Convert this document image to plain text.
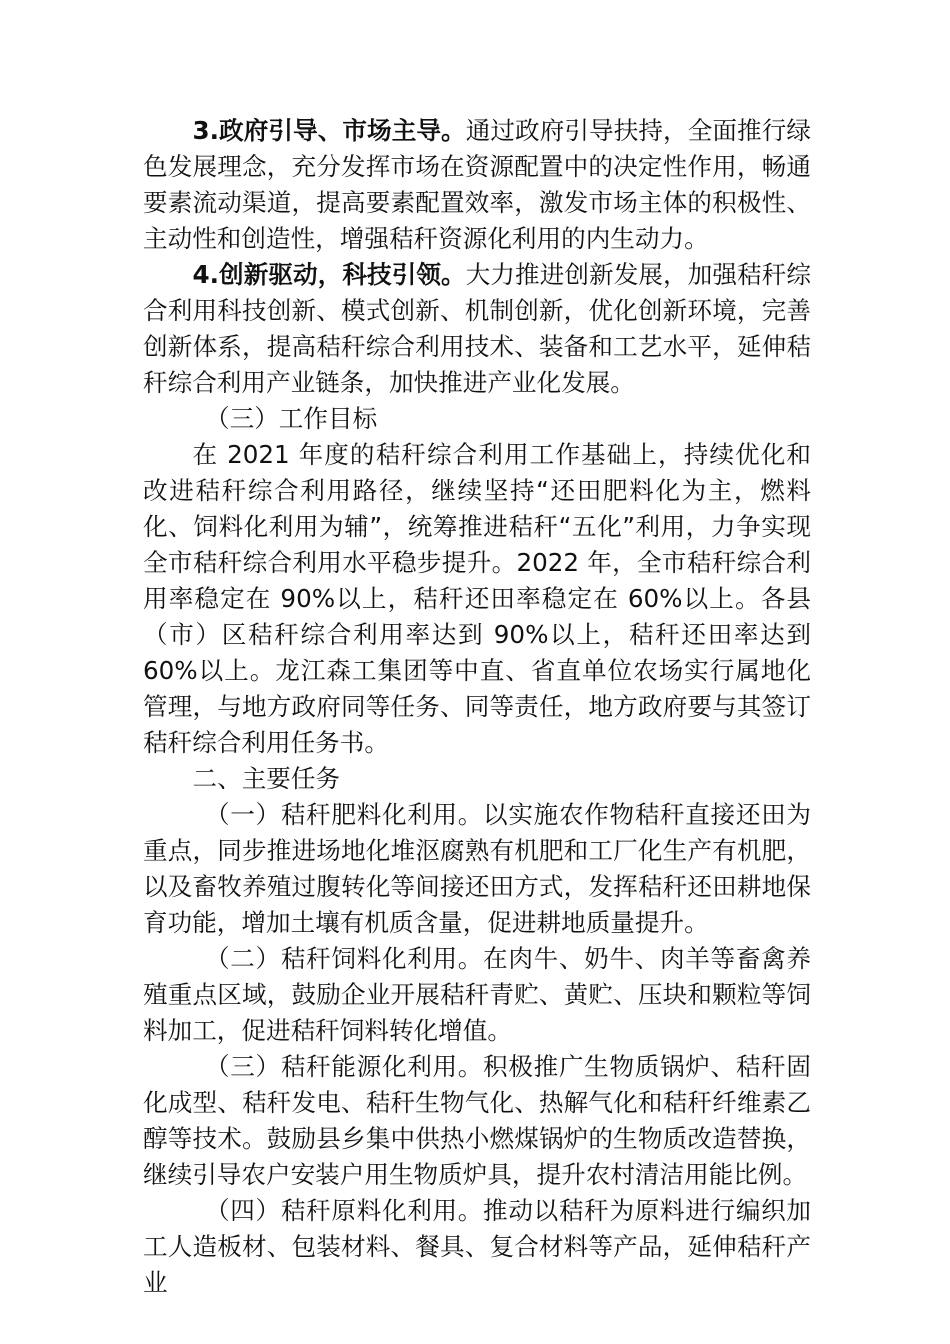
3.政府引导、市场主导。通过政府引导扶持，全面推行绿色发展理念，充分发挥市场在资源配置中的决定性作用，畅通要素流动渠道，提高要素配置效率，激发市场主体的积极性、主动性和创造性，增强秸秆资源化利用的内生动力。

4.创新驱动，科技引领。大力推进创新发展，加强秸秆综合利用科技创新、模式创新、机制创新，优化创新环境，完善创新体系，提高秸秆综合利用技术、装备和工艺水平，延伸秸秆综合利用产业链条，加快推进产业化发展。

（三）工作目标

在 2021 年度的秸秆综合利用工作基础上，持续优化和改进秸秆综合利用路径，继续坚持“还田肥料化为主，燃料化、饲料化利用为辅”，统筹推进秸秆“五化”利用，力争实现全市秸秆综合利用水平稳步提升。2022 年，全市秸秆综合利用率稳定在 90%以上，秸秆还田率稳定在 60%以上。各县（市）区秸秆综合利用率达到 90%以上，秸秆还田率达到 60%以上。龙江森工集团等中直、省直单位农场实行属地化管理，与地方政府同等任务、同等责任，地方政府要与其签订秸秆综合利用任务书。

二、主要任务

（一）秸秆肥料化利用。以实施农作物秸秆直接还田为重点，同步推进场地化堆沤腐熟有机肥和工厂化生产有机肥，以及畜牧养殖过腹转化等间接还田方式，发挥秸秆还田耕地保育功能，增加土壤有机质含量，促进耕地质量提升。

（二）秸秆饲料化利用。在肉牛、奶牛、肉羊等畜禽养殖重点区域，鼓励企业开展秸秆青贮、黄贮、压块和颗粒等饲料加工，促进秸秆饲料转化增值。

（三）秸秆能源化利用。积极推广生物质锅炉、秸秆固化成型、秸秆发电、秸秆生物气化、热解气化和秸秆纤维素乙醇等技术。鼓励县乡集中供热小燃煤锅炉的生物质改造替换，继续引导农户安装户用生物质炉具，提升农村清洁用能比例。

（四）秸秆原料化利用。推动以秸秆为原料进行编织加工人造板材、包装材料、餐具、复合材料等产品，延伸秸秆产业
